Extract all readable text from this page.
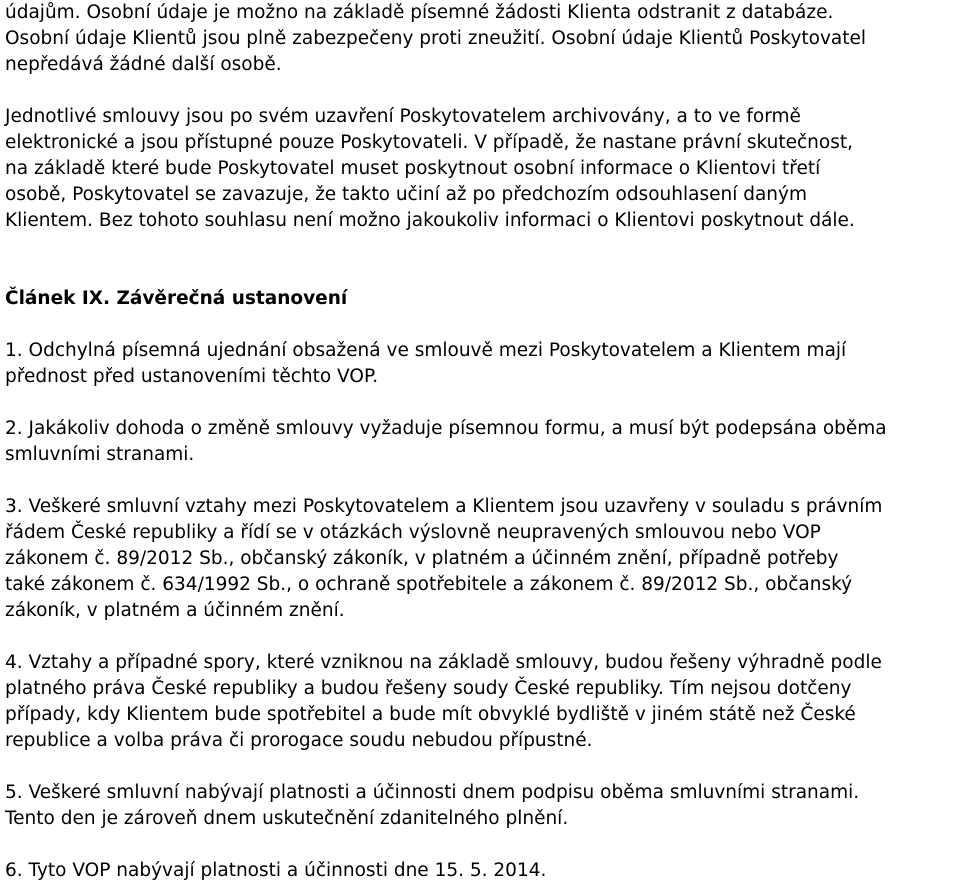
údajům. Osobní údaje je možno na základě písemné žádosti Klienta odstranit z databáze.
Osobní údaje Klientů jsou plně zabezpečeny proti zneužití. Osobní údaje Klientů Poskytovatel
nepředává žádné další osobě.

Jednotlivé smlouvy jsou po svém uzavření Poskytovatelem archivovány, a to ve formě
elektronické a jsou přístupné pouze Poskytovateli. V případě, že nastane právní skutečnost,
na základě které bude Poskytovatel muset poskytnout osobní informace o Klientovi třetí
osobě, Poskytovatel se zavazuje, že takto učiní až po předchozím odsouhlasení daným
Klientem. Bez tohoto souhlasu není možno jakoukoliv informaci o Klientovi poskytnout dále.

Článek IX. Závěrečná ustanovení

1. Odchylná písemná ujednání obsažená ve smlouvě mezi Poskytovatelem a Klientem mají
přednost před ustanoveními těchto VOP.

2. Jakákoliv dohoda o změně smlouvy vyžaduje písemnou formu, a musí být podepsána oběma
smluvními stranami.

3. Veškeré smluvní vztahy mezi Poskytovatelem a Klientem jsou uzavřeny v souladu s právním
řádem České republiky a řídí se v otázkách výslovně neupravených smlouvou nebo VOP
zákonem č. 89/2012 Sb., občanský zákoník, v platném a účinném znění, případně potřeby
také zákonem č. 634/1992 Sb., o ochraně spotřebitele a zákonem č. 89/2012 Sb., občanský
zákoník, v platném a účinném znění.

4. Vztahy a případné spory, které vzniknou na základě smlouvy, budou řešeny výhradně podle
platného práva České republiky a budou řešeny soudy České republiky. Tím nejsou dotčeny
případy, kdy Klientem bude spotřebitel a bude mít obvyklé bydliště v jiném státě než České
republice a volba práva či prorogace soudu nebudou přípustné.

5. Veškeré smluvní nabývají platnosti a účinnosti dnem podpisu oběma smluvními stranami.
Tento den je zároveň dnem uskutečnění zdanitelného plnění.

6. Tyto VOP nabývají platnosti a účinnosti dne 15. 5. 2014.
